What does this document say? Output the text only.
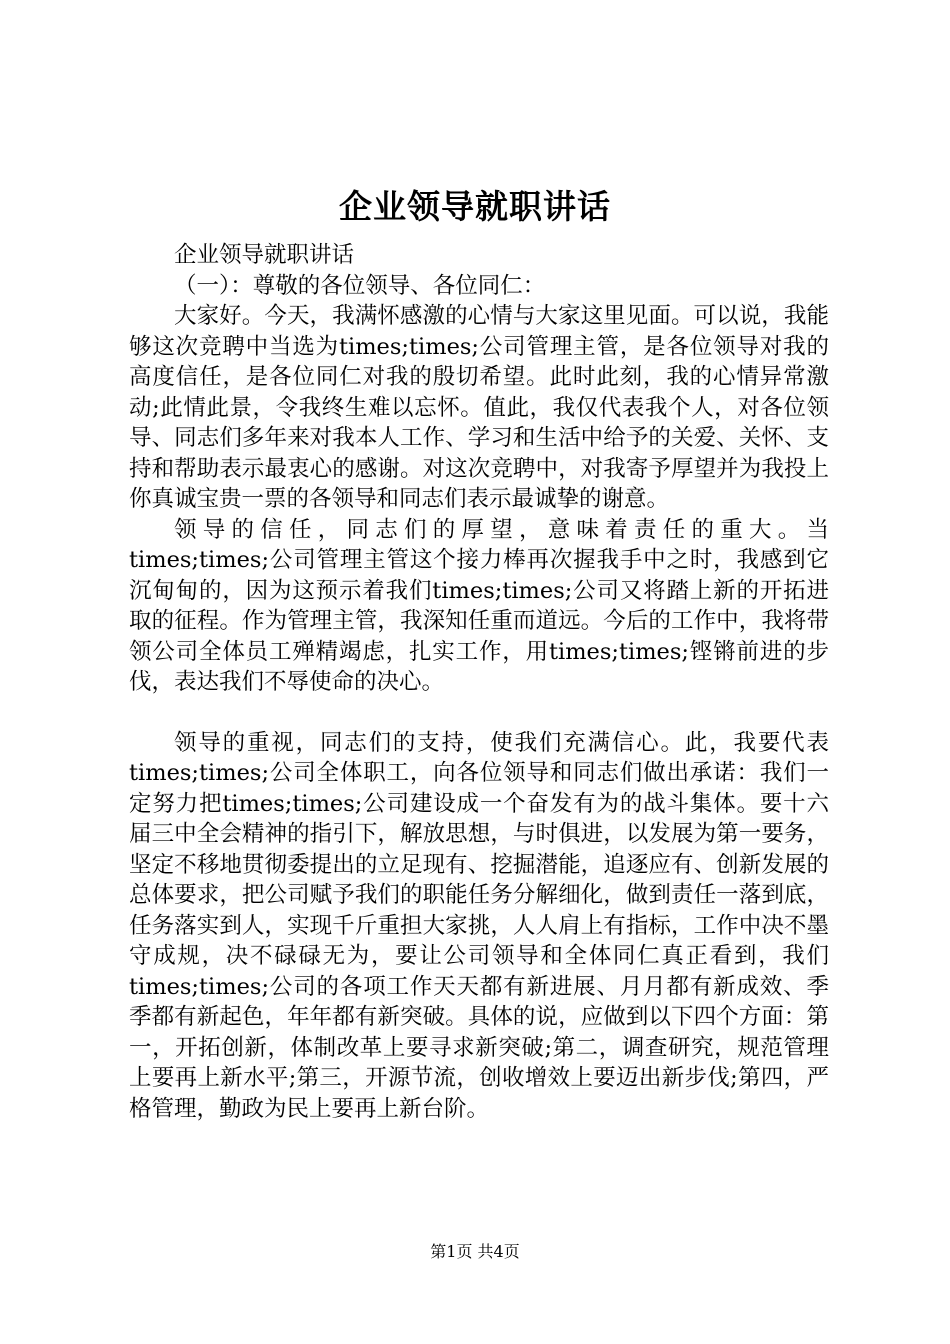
企业领导就职讲话

企业领导就职讲话

（一）：尊敬的各位领导、各位同仁：

大家好。今天，我满怀感激的心情与大家这里见面。可以说，我能够这次竞聘中当选为times;times;公司管理主管，是各位领导对我的高度信任，是各位同仁对我的殷切希望。此时此刻，我的心情异常激动;此情此景，令我终生难以忘怀。值此，我仅代表我个人，对各位领导、同志们多年来对我本人工作、学习和生活中给予的关爱、关怀、支持和帮助表示最衷心的感谢。对这次竞聘中，对我寄予厚望并为我投上你真诚宝贵一票的各领导和同志们表示最诚挚的谢意。

领导的信任，同志们的厚望，意味着责任的重大。当times;times;公司管理主管这个接力棒再次握我手中之时，我感到它沉甸甸的，因为这预示着我们times;times;公司又将踏上新的开拓进取的征程。作为管理主管，我深知任重而道远。今后的工作中，我将带领公司全体员工殚精竭虑，扎实工作，用times;times;铿锵前进的步伐，表达我们不辱使命的决心。

领导的重视，同志们的支持，使我们充满信心。此，我要代表times;times;公司全体职工，向各位领导和同志们做出承诺：我们一定努力把times;times;公司建设成一个奋发有为的战斗集体。要十六届三中全会精神的指引下，解放思想，与时俱进，以发展为第一要务，坚定不移地贯彻委提出的立足现有、挖掘潜能，追逐应有、创新发展的总体要求，把公司赋予我们的职能任务分解细化，做到责任一落到底，任务落实到人，实现千斤重担大家挑，人人肩上有指标，工作中决不墨守成规，决不碌碌无为，要让公司领导和全体同仁真正看到，我们times;times;公司的各项工作天天都有新进展、月月都有新成效、季季都有新起色，年年都有新突破。具体的说，应做到以下四个方面：第一，开拓创新，体制改革上要寻求新突破;第二，调查研究，规范管理上要再上新水平;第三，开源节流，创收增效上要迈出新步伐;第四，严格管理，勤政为民上要再上新台阶。

第1页 共4页
